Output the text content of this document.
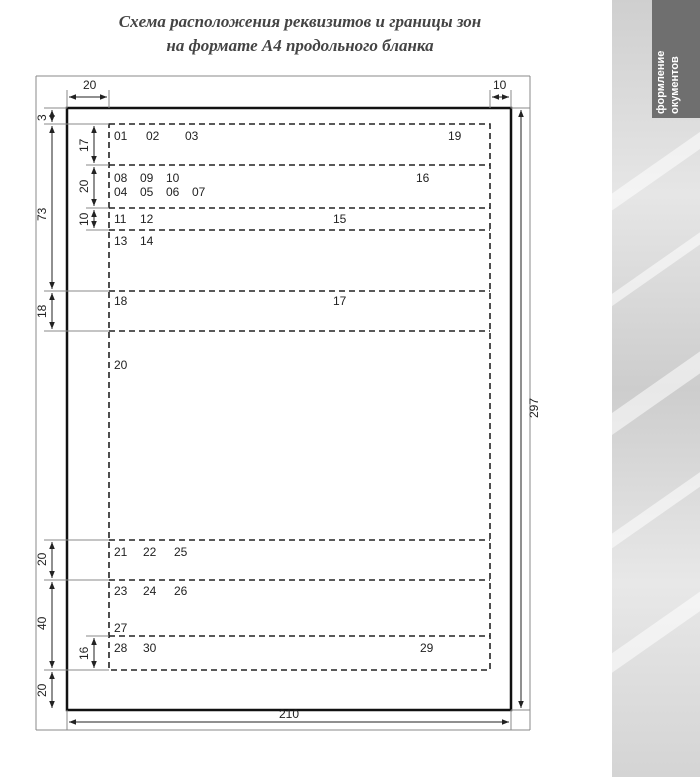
Схема расположения реквизитов и границы зон
на формате А4 продольного бланка
20	10
210
297
3
73
18
20
40
20
17
20
10
16
01 02 03	19
08 09 10	16
04 05 06 07
11 12	15
13 14
18	17
20
21 22 25
23 24 26
27
28 30	29
формление
окументов
